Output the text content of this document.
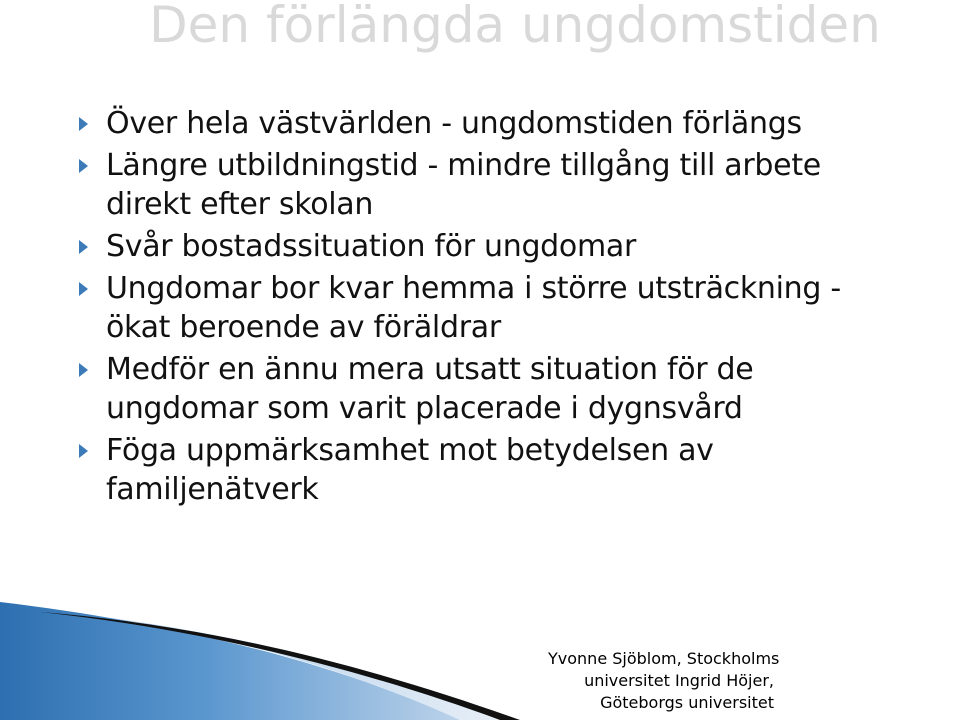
Den förlängda ungdomstiden
Över hela västvärlden - ungdomstiden förlängs
Längre utbildningstid - mindre tillgång till arbete
direkt efter skolan
Svår bostadssituation för ungdomar
Ungdomar bor kvar hemma i större utsträckning -
ökat beroende av föräldrar
Medför en ännu mera utsatt situation för de
ungdomar som varit placerade i dygnsvård
Föga uppmärksamhet mot betydelsen av
familjenätverk
Yvonne Sjöblom, Stockholms
universitet Ingrid Höjer,
Göteborgs universitet
